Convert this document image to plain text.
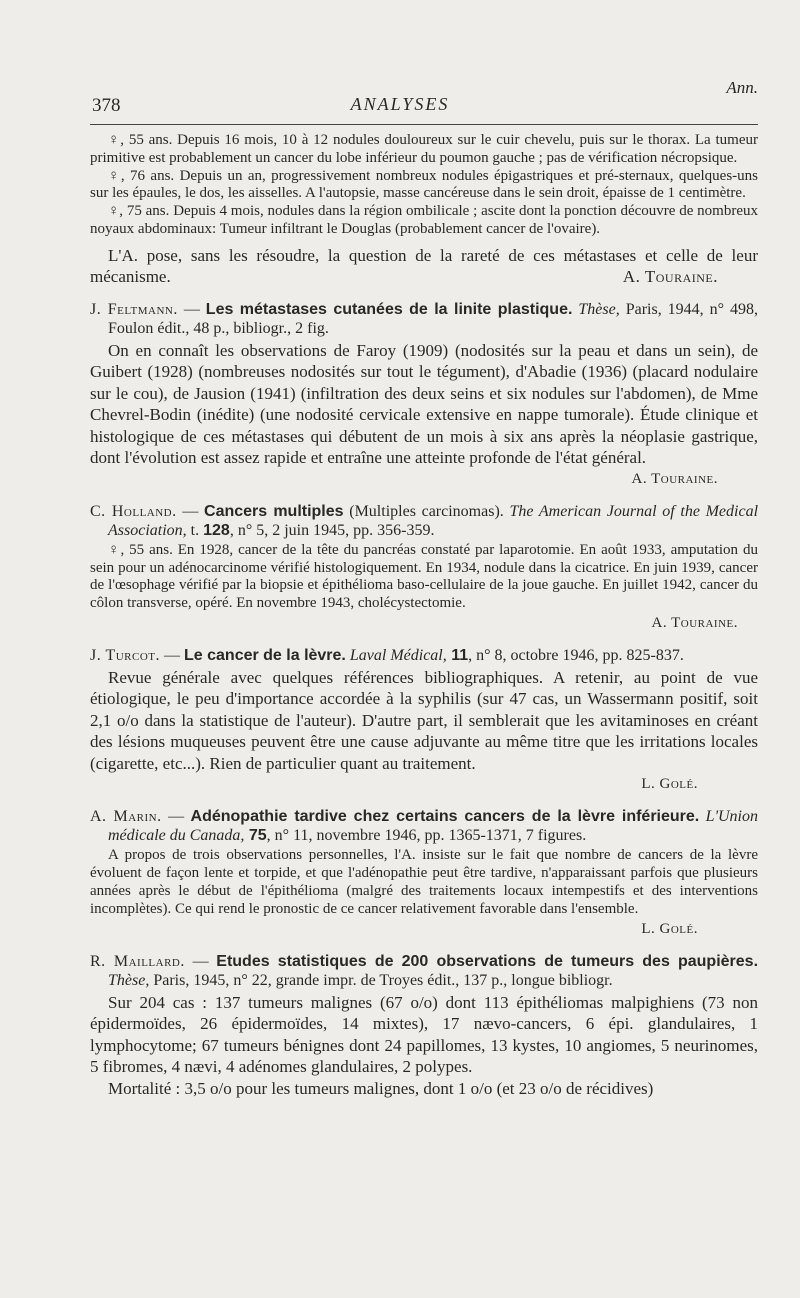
Ann.
378	ANALYSES

♀, 55 ans. Depuis 16 mois, 10 à 12 nodules douloureux sur le cuir chevelu, puis sur le thorax. La tumeur primitive est probablement un cancer du lobe inférieur du poumon gauche ; pas de vérification nécropsique.

♀, 76 ans. Depuis un an, progressivement nombreux nodules épigastriques et pré-sternaux, quelques-uns sur les épaules, le dos, les aisselles. A l'autopsie, masse cancéreuse dans le sein droit, épaisse de 1 centimètre.

♀, 75 ans. Depuis 4 mois, nodules dans la région ombilicale ; ascite dont la ponction découvre de nombreux noyaux abdominaux: Tumeur infiltrant le Douglas (probablement cancer de l'ovaire).

L'A. pose, sans les résoudre, la question de la rareté de ces métastases et celle de leur mécanisme.	A. Touraine.

J. Feltmann. — Les métastases cutanées de la linite plastique. Thèse, Paris, 1944, n° 498, Foulon édit., 48 p., bibliogr., 2 fig.

On en connaît les observations de Faroy (1909) (nodosités sur la peau et dans un sein), de Guibert (1928) (nombreuses nodosités sur tout le tégument), d'Abadie (1936) (placard nodulaire sur le cou), de Jausion (1941) (infiltration des deux seins et six nodules sur l'abdomen), de Mme Chevrel-Bodin (inédite) (une nodosité cervicale extensive en nappe tumorale). Étude clinique et histologique de ces métastases qui débutent de un mois à six ans après la néoplasie gastrique, dont l'évolution est assez rapide et entraîne une atteinte profonde de l'état général.

A. Touraine.

C. Holland. — Cancers multiples (Multiples carcinomas). The American Journal of the Medical Association, t. 128, n° 5, 2 juin 1945, pp. 356-359.

♀, 55 ans. En 1928, cancer de la tête du pancréas constaté par laparotomie. En août 1933, amputation du sein pour un adénocarcinome vérifié histologiquement. En 1934, nodule dans la cicatrice. En juin 1939, cancer de l'œsophage vérifié par la biopsie et épithélioma baso-cellulaire de la joue gauche. En juillet 1942, cancer du côlon transverse, opéré. En novembre 1943, cholécystectomie.

A. Touraine.

J. Turcot. — Le cancer de la lèvre. Laval Médical, 11, n° 8, octobre 1946, pp. 825-837.

Revue générale avec quelques références bibliographiques. A retenir, au point de vue étiologique, le peu d'importance accordée à la syphilis (sur 47 cas, un Wassermann positif, soit 2,1 o/o dans la statistique de l'auteur). D'autre part, il semblerait que les avitaminoses en créant des lésions muqueuses peuvent être une cause adjuvante au même titre que les irritations locales (cigarette, etc...). Rien de particulier quant au traitement.

L. Golé.

A. Marin. — Adénopathie tardive chez certains cancers de la lèvre inférieure. L'Union médicale du Canada, 75, n° 11, novembre 1946, pp. 1365-1371, 7 figures.

A propos de trois observations personnelles, l'A. insiste sur le fait que nombre de cancers de la lèvre évoluent de façon lente et torpide, et que l'adénopathie peut être tardive, n'apparaissant parfois que plusieurs années après le début de l'épithélioma (malgré des traitements locaux intempestifs et des interventions incomplètes). Ce qui rend le pronostic de ce cancer relativement favorable dans l'ensemble.

L. Golé.

R. Maillard. — Etudes statistiques de 200 observations de tumeurs des paupières. Thèse, Paris, 1945, n° 22, grande impr. de Troyes édit., 137 p., longue bibliogr.

Sur 204 cas : 137 tumeurs malignes (67 o/o) dont 113 épithéliomas malpighiens (73 non épidermoïdes, 26 épidermoïdes, 14 mixtes), 17 nævo-cancers, 6 épi. glandulaires, 1 lymphocytome; 67 tumeurs bénignes dont 24 papillomes, 13 kystes, 10 angiomes, 5 neurinomes, 5 fibromes, 4 nævi, 4 adénomes glandulaires, 2 polypes.

Mortalité : 3,5 o/o pour les tumeurs malignes, dont 1 o/o (et 23 o/o de récidives)
